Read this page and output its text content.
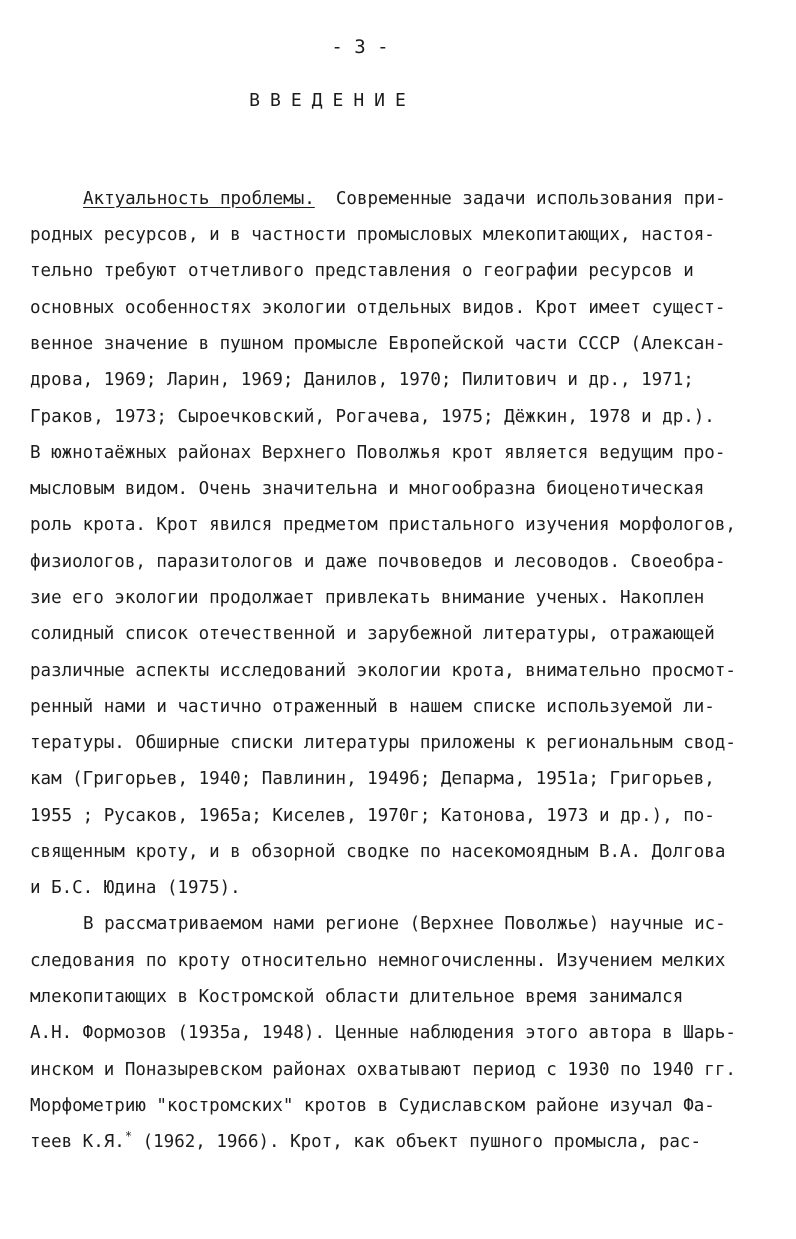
- 3 -
ВВЕДЕНИЕ
Актуальность проблемы. Современные задачи использования при-
родных ресурсов, и в частности промысловых млекопитающих, настоя-
тельно требуют отчетливого представления о географии ресурсов и
основных особенностях экологии отдельных видов. Крот имеет сущест-
венное значение в пушном промысле Европейской части СССР (Алексан-
дрова, 1969; Ларин, 1969; Данилов, 1970; Пилитович и др., 1971;
Граков, 1973; Сыроечковский, Рогачева, 1975; Дёжкин, 1978 и др.).
В южнотаёжных районах Верхнего Поволжья крот является ведущим про-
мысловым видом. Очень значительна и многообразна биоценотическая
роль крота. Крот явился предметом пристального изучения морфологов,
физиологов, паразитологов и даже почвоведов и лесоводов. Своеобра-
зие его экологии продолжает привлекать внимание ученых. Накоплен
солидный список отечественной и зарубежной литературы, отражающей
различные аспекты исследований экологии крота, внимательно просмот-
ренный нами и частично отраженный в нашем списке используемой ли-
тературы. Обширные списки литературы приложены к региональным свод-
кам (Григорьев, 1940; Павлинин, 1949б; Депарма, 1951а; Григорьев,
1955 ; Русаков, 1965а; Киселев, 1970г; Катонова, 1973 и др.), по-
священным кроту, и в обзорной сводке по насекомоядным В.А. Долгова
и Б.С. Юдина (1975).
В рассматриваемом нами регионе (Верхнее Поволжье) научные ис-
следования по кроту относительно немногочисленны. Изучением мелких
млекопитающих в Костромской области длительное время занимался
А.Н. Формозов (1935а, 1948). Ценные наблюдения этого автора в Шарь-
инском и Поназыревском районах охватывают период с 1930 по 1940 гг.
Морфометрию "костромских" кротов в Судиславском районе изучал Фа-
теев К.Я.* (1962, 1966). Крот, как объект пушного промысла, рас-
